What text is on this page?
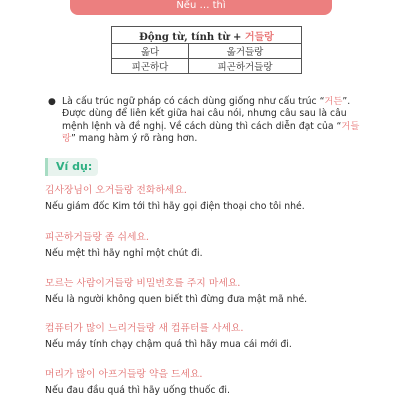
Nếu … thì
Động từ, tính từ + 거들랑	
옮다	옮거들랑
피곤하다	피곤하거들랑
● Là cấu trúc ngữ pháp có cách dùng giống như cấu trúc “거든”. Được dùng để liên kết giữa hai câu nói, nhưng câu sau là câu mệnh lệnh và đề nghị. Về cách dùng thì cách diễn đạt của “거들랑” mang hàm ý rõ ràng hơn.
Ví dụ:
김사장님이 오거들랑 전화하세요.
Nếu giám đốc Kim tới thì hãy gọi điện thoại cho tôi nhé.
피곤하거들랑 좀 쉬세요.
Nếu mệt thì hãy nghỉ một chút đi.
모르는 사람이거들랑 비밀번호를 주지 마세요.
Nếu là người không quen biết thì đừng đưa mật mã nhé.
컴퓨터가 많이 느리거들랑 새 컴퓨터를 사세요.
Nếu máy tính chạy chậm quá thì hãy mua cái mới đi.
머리가 많이 아프거들랑 약을 드세요.
Nếu đau đầu quá thì hãy uống thuốc đi.
